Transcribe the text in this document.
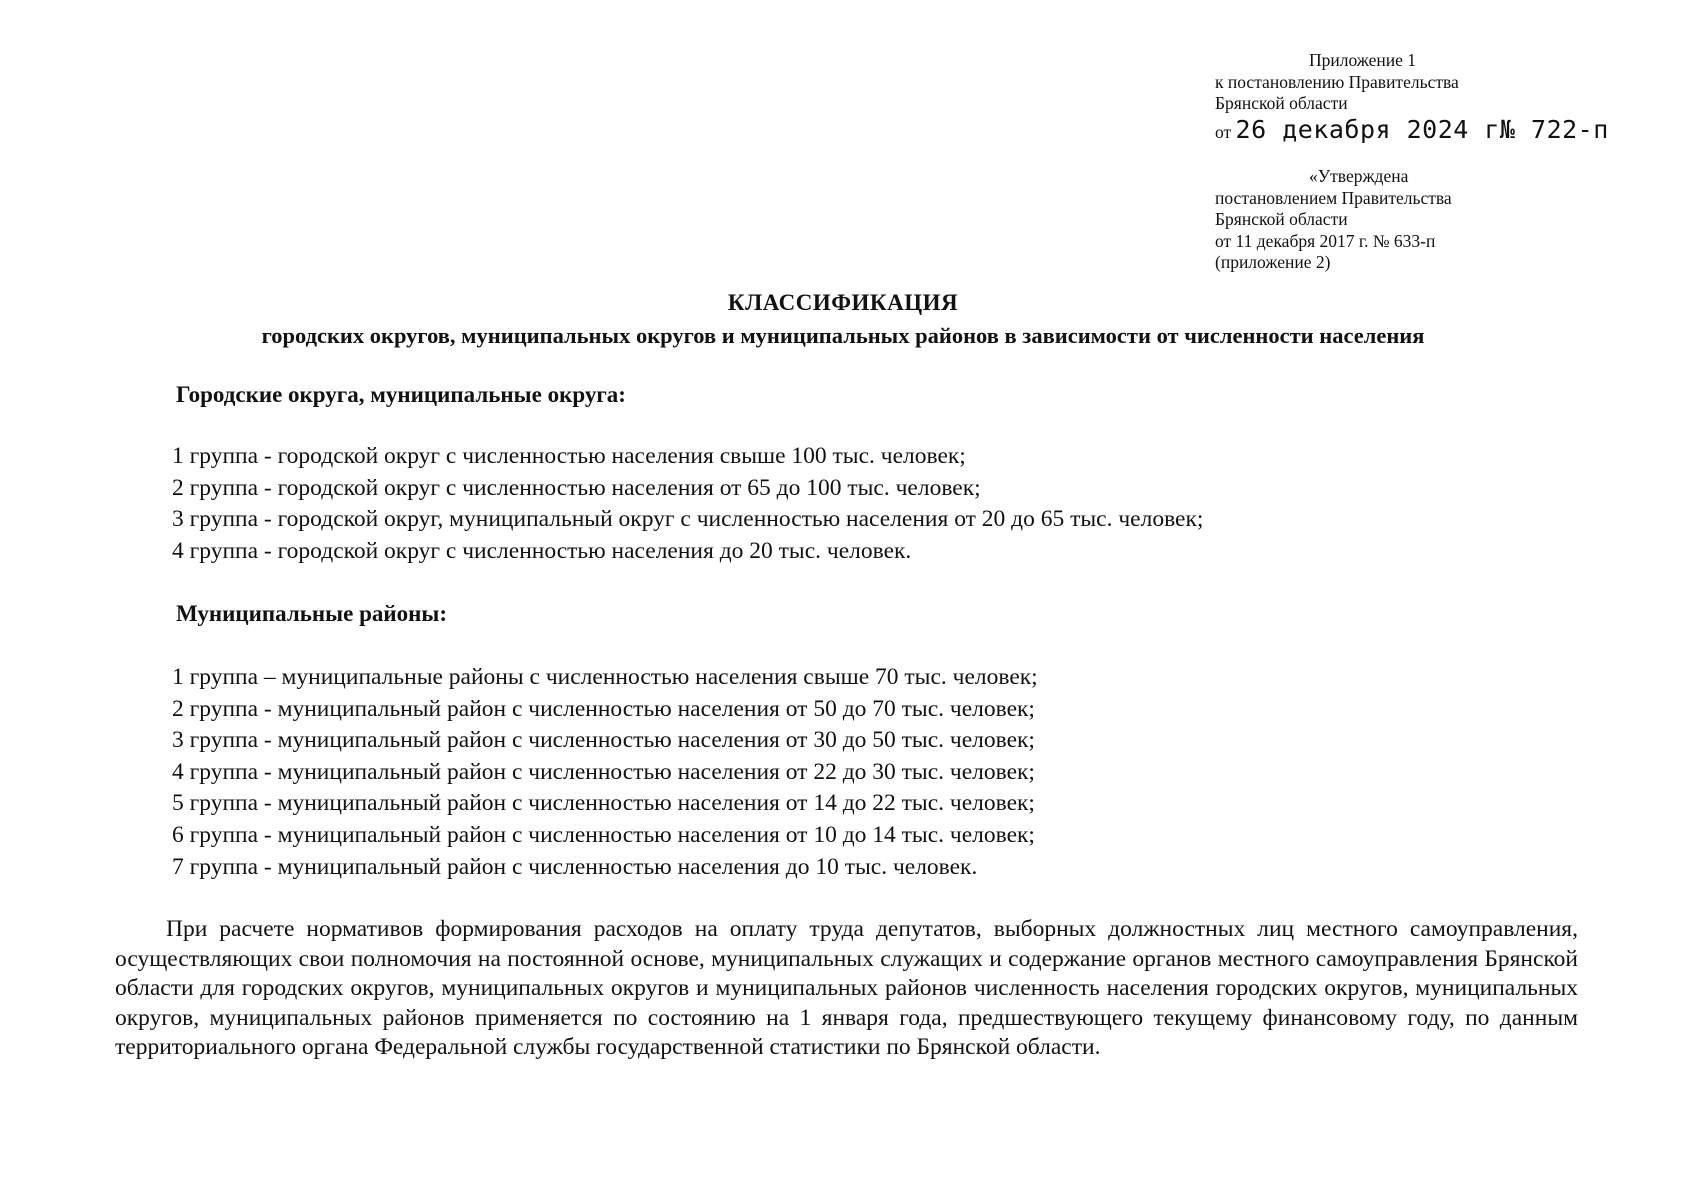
Приложение 1
к постановлению Правительства
Брянской области
от 26 декабря 2024 г№ 722-п
«Утверждена
постановлением Правительства
Брянской области
от 11 декабря 2017 г. № 633-п
(приложение 2)
КЛАССИФИКАЦИЯ
городских округов, муниципальных округов и муниципальных районов в зависимости от численности населения
Городские округа, муниципальные округа:
1 группа - городской округ с численностью населения свыше 100 тыс. человек;
2 группа - городской округ с численностью населения от 65 до 100 тыс. человек;
3 группа - городской округ, муниципальный округ с численностью населения от 20 до 65 тыс. человек;
4 группа - городской округ с численностью населения до 20 тыс. человек.
Муниципальные районы:
1 группа – муниципальные районы с численностью населения свыше 70 тыс. человек;
2 группа - муниципальный район с численностью населения от 50 до 70 тыс. человек;
3 группа - муниципальный район с численностью населения от 30 до 50 тыс. человек;
4 группа - муниципальный район с численностью населения от 22 до 30 тыс. человек;
5 группа - муниципальный район с численностью населения от 14 до 22 тыс. человек;
6 группа - муниципальный район с численностью населения от 10 до 14 тыс. человек;
7 группа - муниципальный район с численностью населения до 10 тыс. человек.
При расчете нормативов формирования расходов на оплату труда депутатов, выборных должностных лиц местного самоуправления, осуществляющих свои полномочия на постоянной основе, муниципальных служащих и содержание органов местного самоуправления Брянской области для городских округов, муниципальных округов и муниципальных районов численность населения городских округов, муниципальных округов, муниципальных районов применяется по состоянию на 1 января года, предшествующего текущему финансовому году, по данным территориального органа Федеральной службы государственной статистики по Брянской области.
